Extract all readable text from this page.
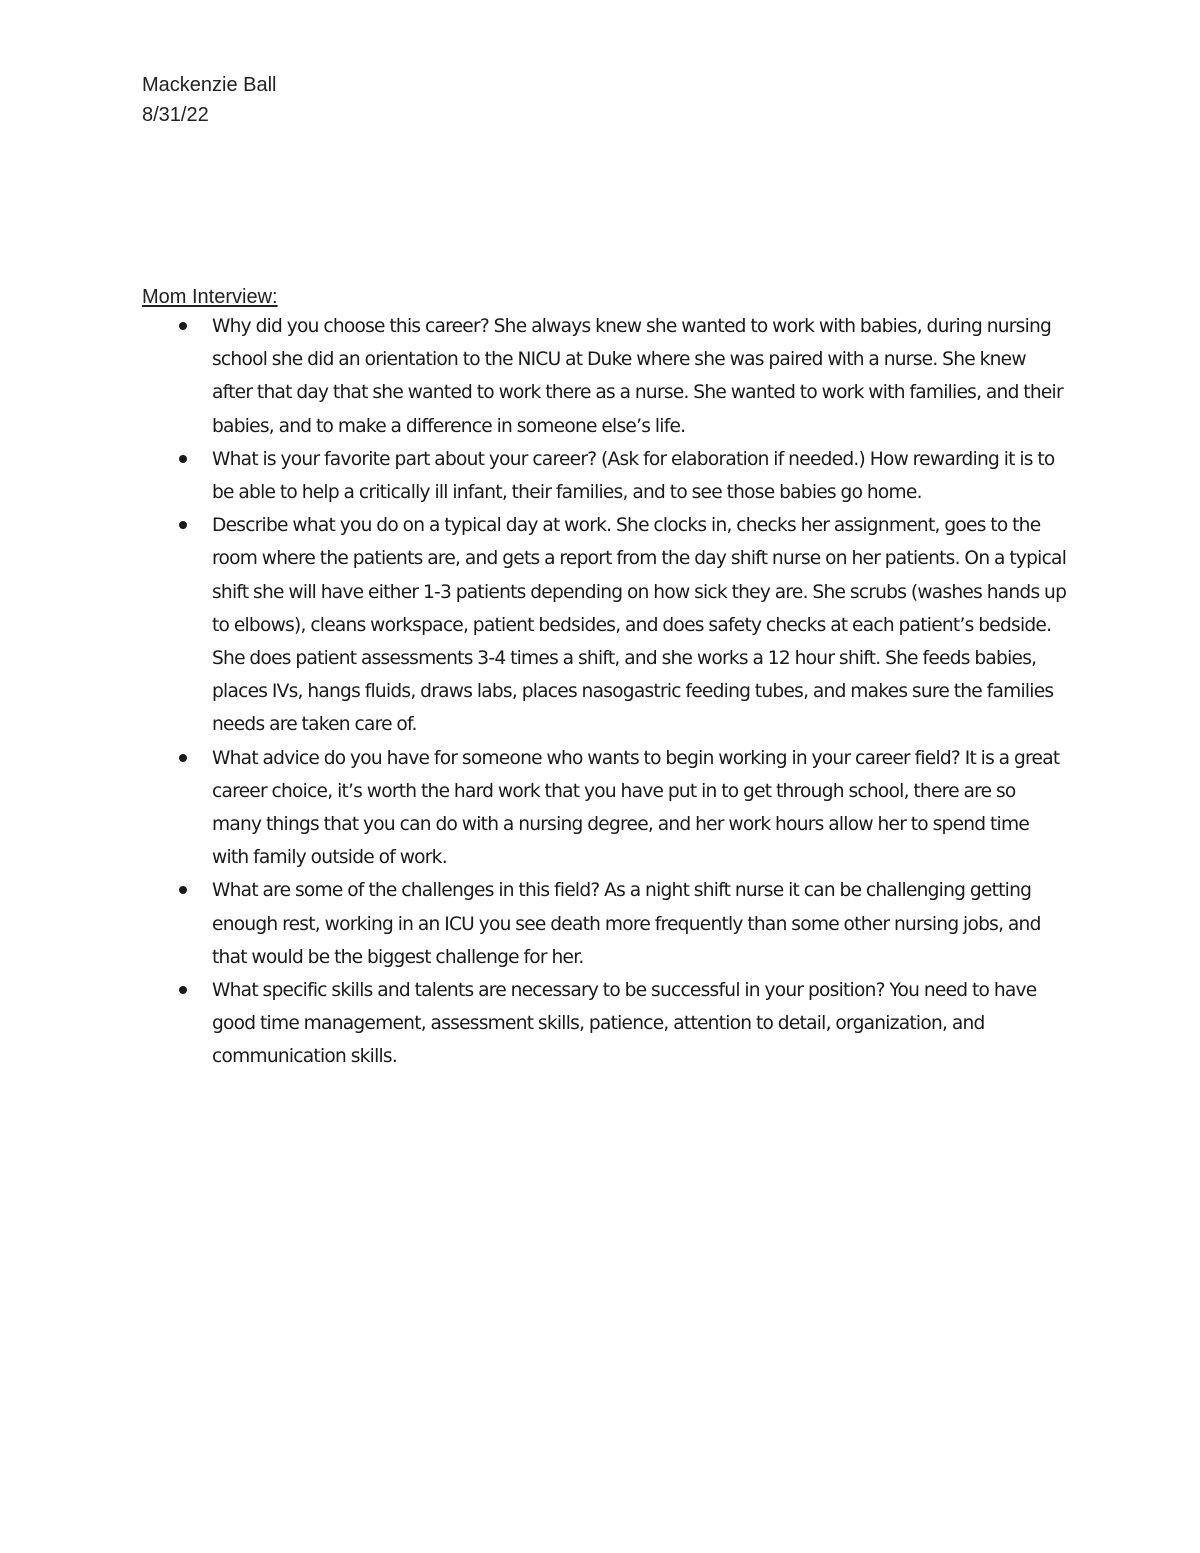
Mackenzie Ball
8/31/22
Mom Interview:
Why did you choose this career? She always knew she wanted to work with babies, during nursing school she did an orientation to the NICU at Duke where she was paired with a nurse. She knew after that day that she wanted to work there as a nurse. She wanted to work with families, and their babies, and to make a difference in someone else’s life.
What is your favorite part about your career? (Ask for elaboration if needed.) How rewarding it is to be able to help a critically ill infant, their families, and to see those babies go home.
Describe what you do on a typical day at work. She clocks in, checks her assignment, goes to the room where the patients are, and gets a report from the day shift nurse on her patients. On a typical shift she will have either 1-3 patients depending on how sick they are. She scrubs (washes hands up to elbows), cleans workspace, patient bedsides, and does safety checks at each patient’s bedside. She does patient assessments 3-4 times a shift, and she works a 12 hour shift. She feeds babies, places IVs, hangs fluids, draws labs, places nasogastric feeding tubes, and makes sure the families needs are taken care of.
What advice do you have for someone who wants to begin working in your career field? It is a great career choice, it’s worth the hard work that you have put in to get through school, there are so many things that you can do with a nursing degree, and her work hours allow her to spend time with family outside of work.
What are some of the challenges in this field? As a night shift nurse it can be challenging getting enough rest, working in an ICU you see death more frequently than some other nursing jobs, and that would be the biggest challenge for her.
What specific skills and talents are necessary to be successful in your position? You need to have good time management, assessment skills, patience, attention to detail, organization, and communication skills.
